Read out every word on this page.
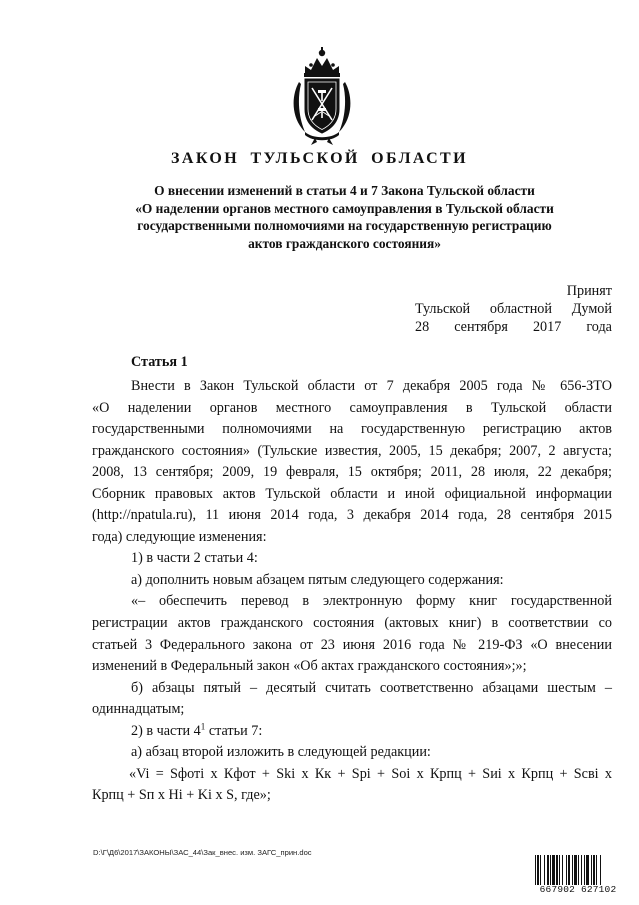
ЗАКОН ТУЛЬСКОЙ ОБЛАСТИ
О внесении изменений в статьи 4 и 7 Закона Тульской области
«О наделении органов местного самоуправления в Тульской области
государственными полномочиями на государственную регистрацию
актов гражданского состояния»
Принят
Тульской областной Думой
28 сентября 2017 года
Статья 1
Внести в Закон Тульской области от 7 декабря 2005 года № 656-ЗТО
«О наделении органов местного самоуправления в Тульской области
государственными полномочиями на государственную регистрацию актов
гражданского состояния» (Тульские известия, 2005, 15 декабря; 2007, 2 августа;
2008, 13 сентября; 2009, 19 февраля, 15 октября; 2011, 28 июля, 22 декабря;
Сборник правовых актов Тульской области и иной официальной информации
(http://npatula.ru), 11 июня 2014 года, 3 декабря 2014 года, 28 сентября 2015
года) следующие изменения:
1) в части 2 статьи 4:
а) дополнить новым абзацем пятым следующего содержания:
«– обеспечить перевод в электронную форму книг государственной
регистрации актов гражданского состояния (актовых книг) в соответствии со
статьей 3 Федерального закона от 23 июня 2016 года № 219-ФЗ «О внесении
изменений в Федеральный закон «Об актах гражданского состояния»;»;
б) абзацы пятый – десятый считать соответственно абзацами шестым –
одиннадцатым;
2) в части $4^1$ статьи 7:
а) абзац второй изложить в следующей редакции:
«Vi = Sфотi x Кфот + Skі x Кк + Spi + Soi x Крпц + Sиі x Крпц + Sсвi x
Крпц + Sп x Hi + Ki x S, где»;
D:\Г\Д6\2017\ЗАКОНЫ\ЗАС_44\Зак_внес. изм. ЗАГС_прин.doc
667902 627102
